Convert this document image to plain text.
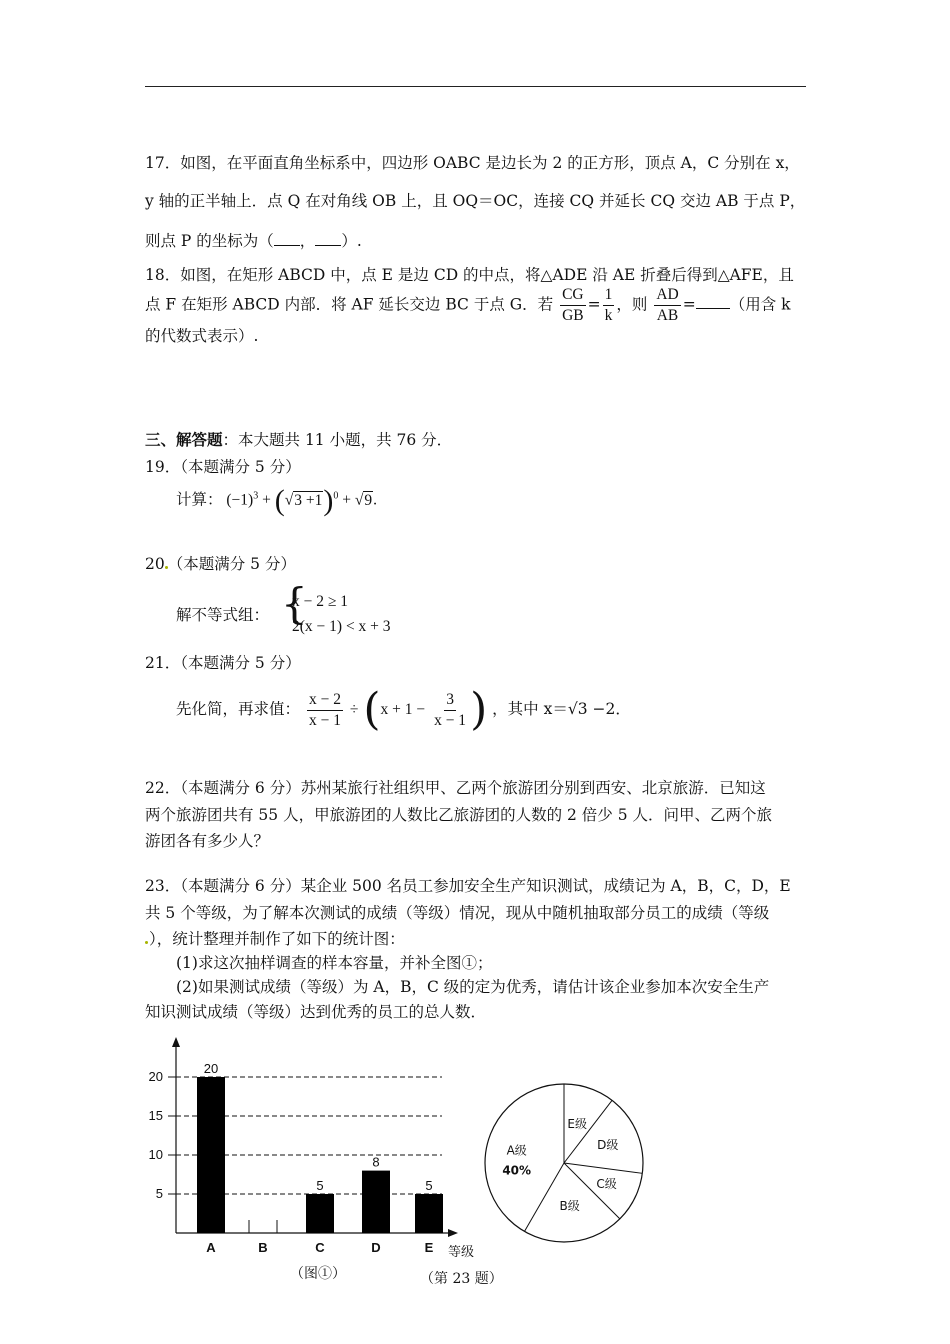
17．如图，在平面直角坐标系中，四边形 OABC 是边长为 2 的正方形，顶点 A，C 分别在 x，
y 轴的正半轴上．点 Q 在对角线 OB 上，且 OQ＝OC，连接 CQ 并延长 CQ 交边 AB 于点 P，
则点 P 的坐标为（ ， ）.
18．如图，在矩形 ABCD 中，点 E 是边 CD 的中点，将△ADE 沿 AE 折叠后得到△AFE，且
点 F 在矩形 ABCD 内部．将 AF 延长交边 BC 于点 G．若 $\frac{CG}{GB} = \frac{1}{k}$ ，则 $\frac{AD}{AB}$ = （用含 k
的代数式表示）.
三、解答题：本大题共 11 小题，共 76 分．
19．（本题满分 5 分）
计算： $(-1)^3 + (√3 +1)^0 + √9$.
20 （本题满分 5 分）
解不等式组： {
x − 2 ≥ 1
2(x − 1) < x + 3
21．（本题满分 5 分）
先化简，再求值： $\frac{x - 2}{x - 1} \div (x + 1 - \frac{3}{x - 1}$ ) ，其中 x＝√3 −2．
22．（本题满分 6 分）苏州某旅行社组织甲、乙两个旅游团分别到西安、北京旅游．已知这
两个旅游团共有 55 人，甲旅游团的人数比乙旅游团的人数的 2 倍少 5 人．问甲、乙两个旅
游团各有多少人？
23．（本题满分 6 分）某企业 500 名员工参加安全生产知识测试，成绩记为 A，B，C，D，E
共 5 个等级，为了解本次测试的成绩（等级）情况，现从中随机抽取部分员工的成绩（等级
），统计整理并制作了如下的统计图：
(1)求这次抽样调查的样本容量，并补全图①；
(2)如果测试成绩（等级）为 A，B，C 级的定为优秀，请估计该企业参加本次安全生产
知识测试成绩（等级）达到优秀的员工的总人数．
5
10
15
20
20
A	B
5
C
8
D
5
E 等级
E级
D级
C级
B级
A级
40%
（图①）	（第 23 题）
